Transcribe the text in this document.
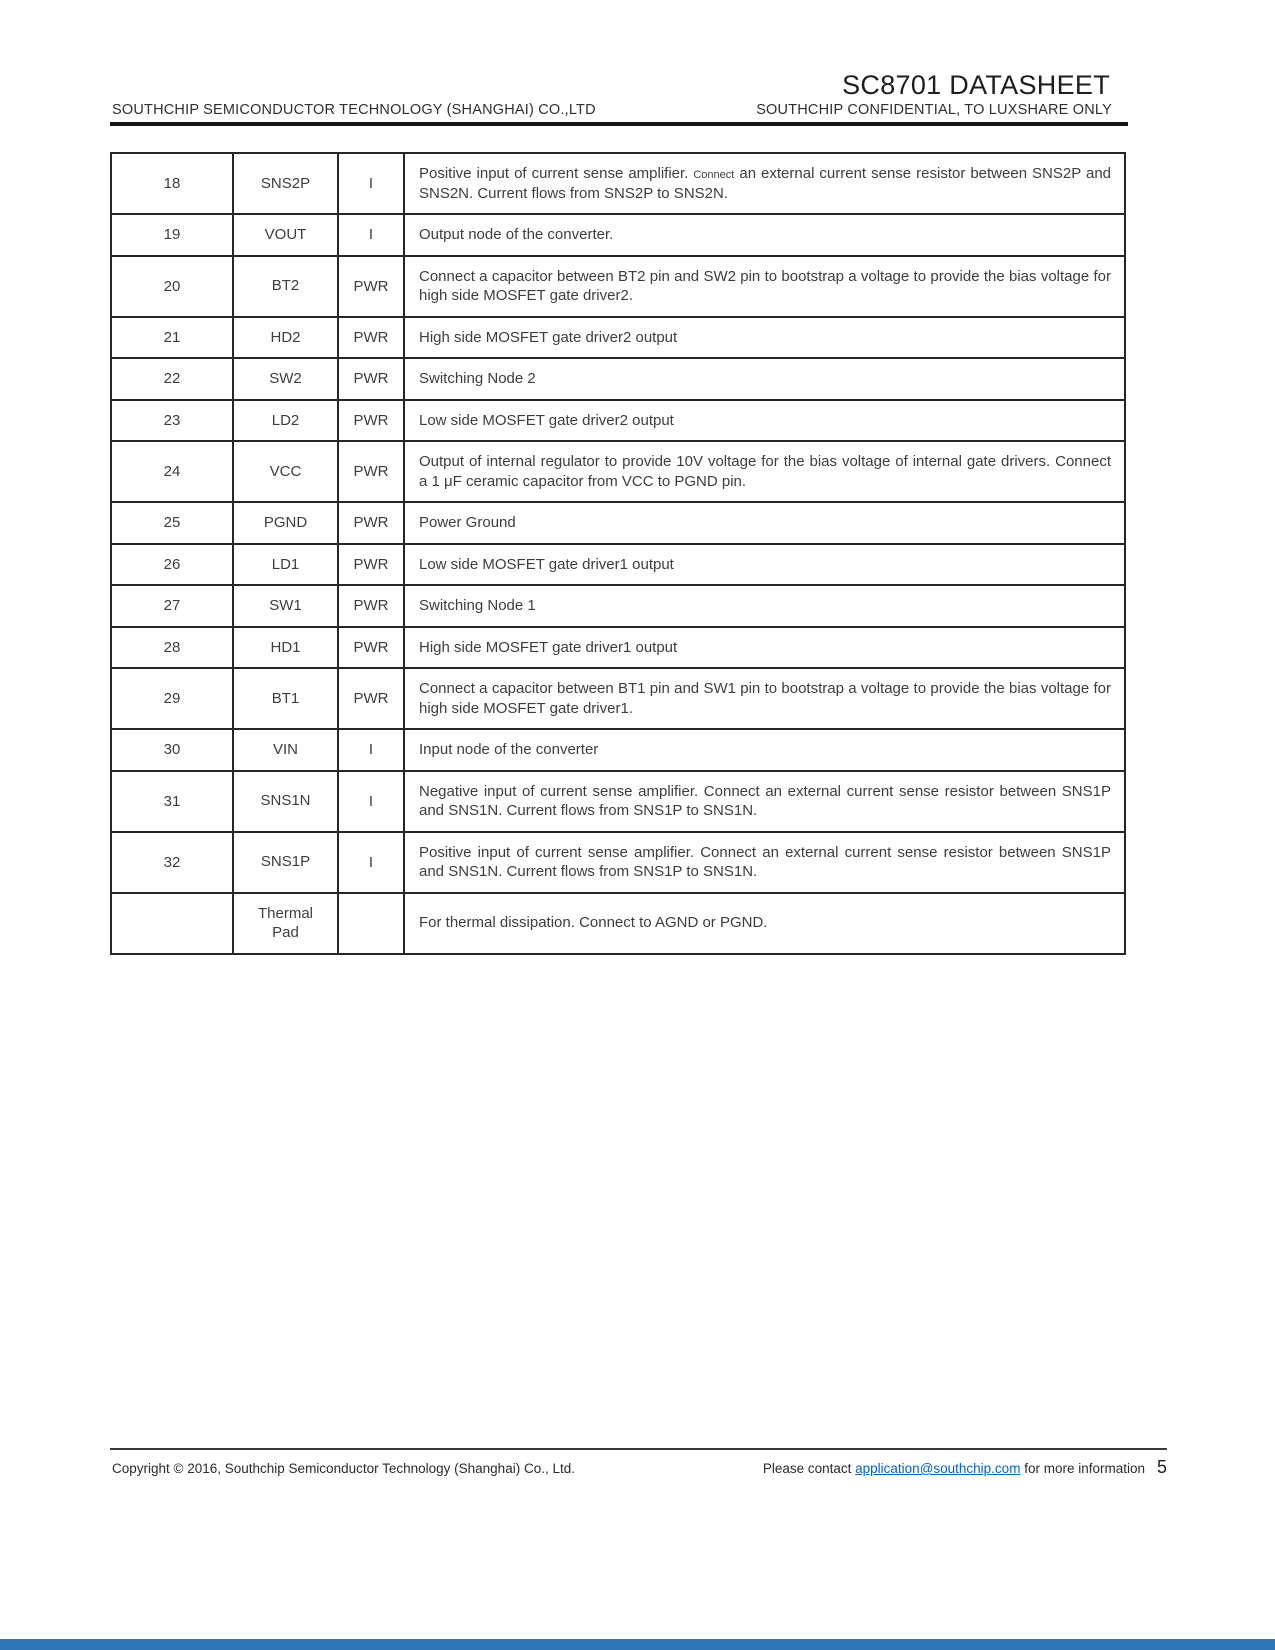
SC8701 DATASHEET
SOUTHCHIP SEMICONDUCTOR TECHNOLOGY (SHANGHAI) CO.,LTD	SOUTHCHIP CONFIDENTIAL, TO LUXSHARE ONLY
18	SNS2P	I	Positive input of current sense amplifier. Connect an external current sense resistor between SNS2P and SNS2N. Current flows from SNS2P to SNS2N.
19	VOUT	I	Output node of the converter.
20	BT2	PWR	Connect a capacitor between BT2 pin and SW2 pin to bootstrap a voltage to provide the bias voltage for high side MOSFET gate driver2.
21	HD2	PWR	High side MOSFET gate driver2 output
22	SW2	PWR	Switching Node 2
23	LD2	PWR	Low side MOSFET gate driver2 output
24	VCC	PWR	Output of internal regulator to provide 10V voltage for the bias voltage of internal gate drivers. Connect a 1 μF ceramic capacitor from VCC to PGND pin.
25	PGND	PWR	Power Ground
26	LD1	PWR	Low side MOSFET gate driver1 output
27	SW1	PWR	Switching Node 1
28	HD1	PWR	High side MOSFET gate driver1 output
29	BT1	PWR	Connect a capacitor between BT1 pin and SW1 pin to bootstrap a voltage to provide the bias voltage for high side MOSFET gate driver1.
30	VIN	I	Input node of the converter
31	SNS1N	I	Negative input of current sense amplifier. Connect an external current sense resistor between SNS1P and SNS1N. Current flows from SNS1P to SNS1N.
32	SNS1P	I	Positive input of current sense amplifier. Connect an external current sense resistor between SNS1P and SNS1N. Current flows from SNS1P to SNS1N.
	Thermal Pad		For thermal dissipation. Connect to AGND or PGND.
Copyright © 2016, Southchip Semiconductor Technology (Shanghai) Co., Ltd.	Please contact application@southchip.com for more information 5
